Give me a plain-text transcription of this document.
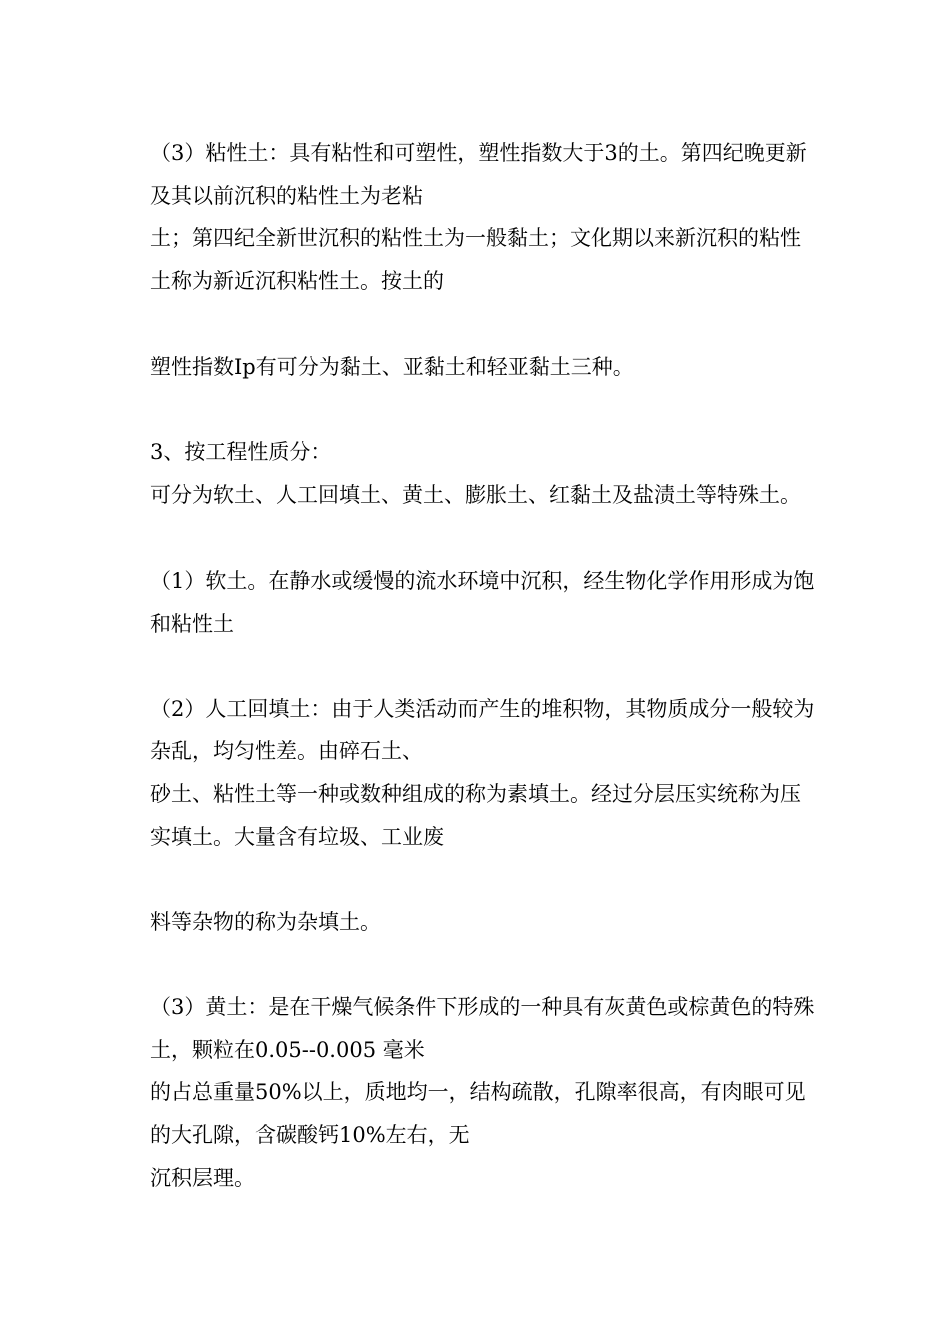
（3）粘性土：具有粘性和可塑性，塑性指数大于3的土。第四纪晚更新
及其以前沉积的粘性土为老粘
土；第四纪全新世沉积的粘性土为一般黏土；文化期以来新沉积的粘性
土称为新近沉积粘性土。按土的
塑性指数Ip有可分为黏土、亚黏土和轻亚黏土三种。
3、按工程性质分：
可分为软土、人工回填土、黄土、膨胀土、红黏土及盐渍土等特殊土。
（1）软土。在静水或缓慢的流水环境中沉积，经生物化学作用形成为饱
和粘性土
（2）人工回填土：由于人类活动而产生的堆积物，其物质成分一般较为
杂乱，均匀性差。由碎石土、
砂土、粘性土等一种或数种组成的称为素填土。经过分层压实统称为压
实填土。大量含有垃圾、工业废
料等杂物的称为杂填土。
（3）黄土：是在干燥气候条件下形成的一种具有灰黄色或棕黄色的特殊
土，颗粒在0.05--0.005 毫米
的占总重量50%以上，质地均一，结构疏散，孔隙率很高，有肉眼可见
的大孔隙，含碳酸钙10%左右，无
沉积层理。
